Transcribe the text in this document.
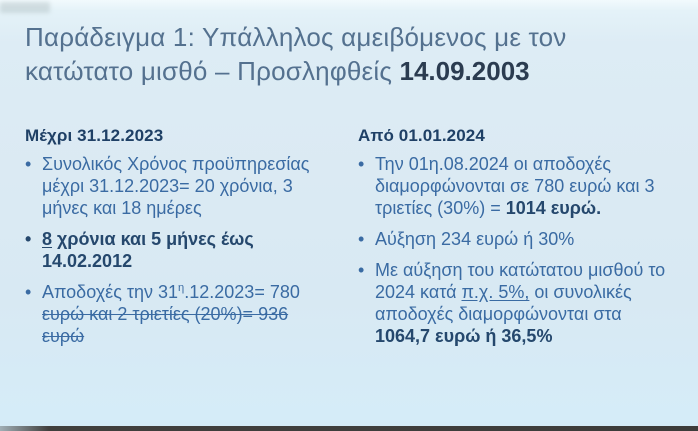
Παράδειγμα 1: Υπάλληλος αμειβόμενος με τον κατώτατο μισθό – Προσληφθείς 14.09.2003
Μέχρι 31.12.2023
• Συνολικός Χρόνος προϋπηρεσίας μέχρι 31.12.2023= 20 χρόνια, 3 μήνες και 18 ημέρες
• 8 χρόνια και 5 μήνες έως 14.02.2012
• Αποδοχές την $31^\eta.12.2023= 780$ ευρώ και 2 τριετίες (20%)= 936 ευρώ
Από 01.01.2024
• Την 01η.08.2024 οι αποδοχές διαμορφώνονται σε 780 ευρώ και 3 τριετίες (30%) = 1014 ευρώ.
• Αύξηση 234 ευρώ ή 30%
• Με αύξηση του κατώτατου μισθού το 2024 κατά π.χ. 5%, οι συνολικές αποδοχές διαμορφώνονται στα 1064,7 ευρώ ή 36,5%
